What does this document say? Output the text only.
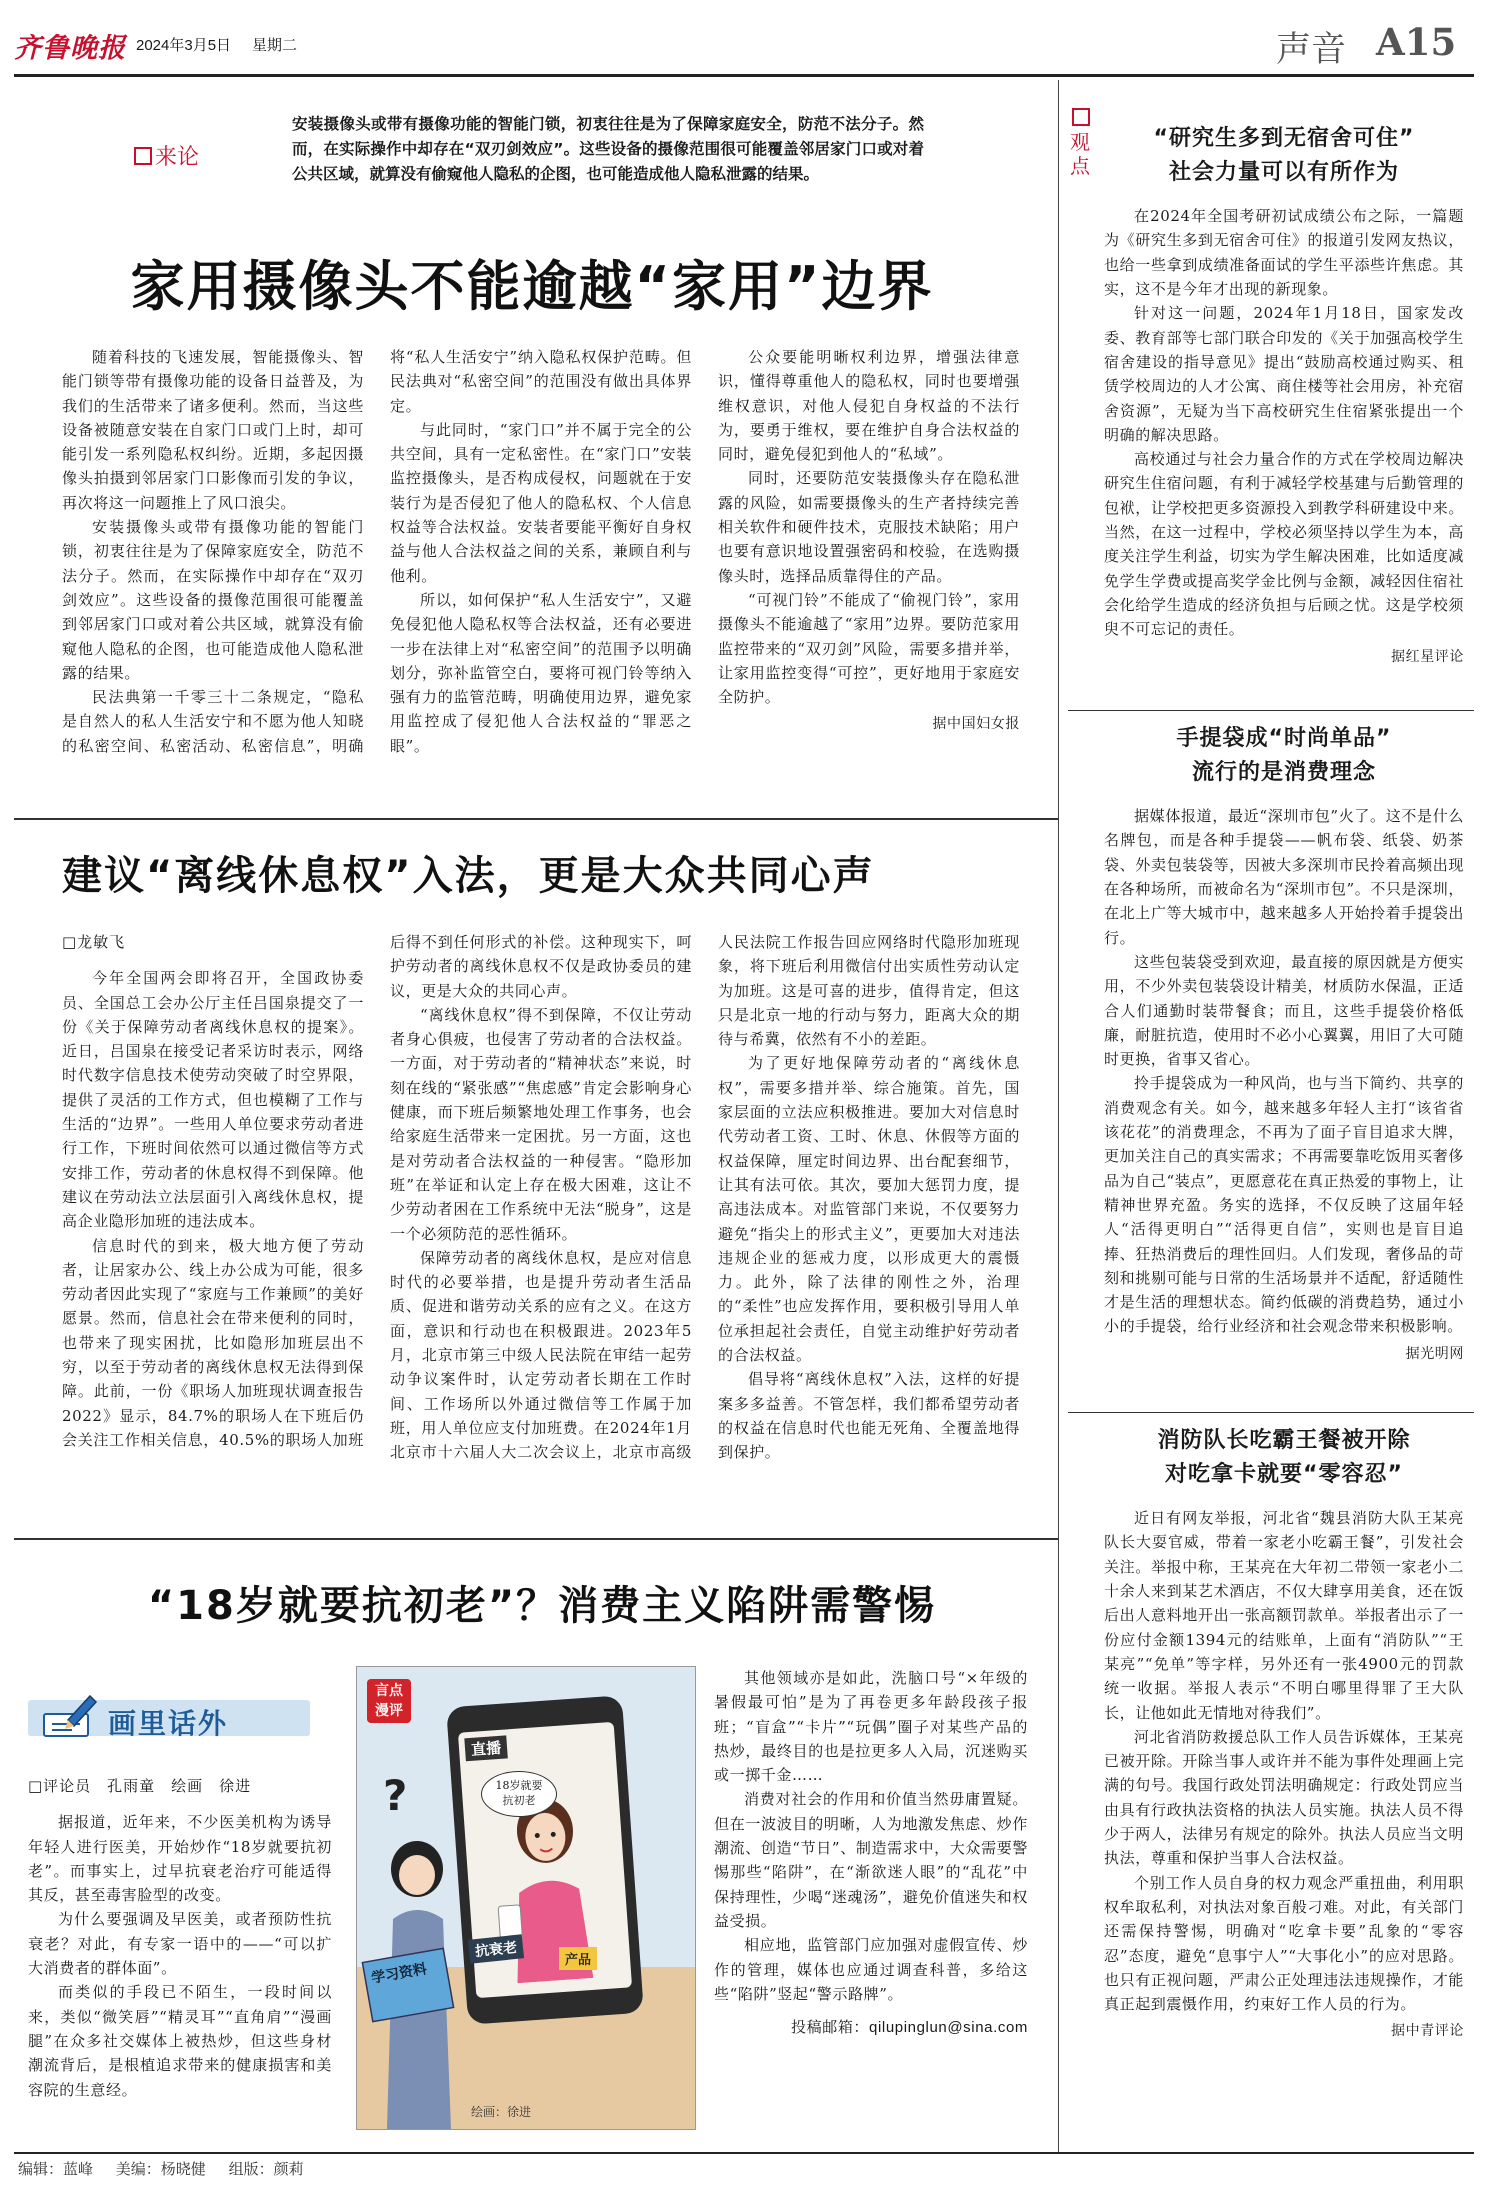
齐鲁晚报 2024年3月5日 星期二	声音 A15
来论
安装摄像头或带有摄像功能的智能门锁，初衷往往是为了保障家庭安全，防范不法分子。然而，在实际操作中却存在“双刃剑效应”。这些设备的摄像范围很可能覆盖邻居家门口或对着公共区域，就算没有偷窥他人隐私的企图，也可能造成他人隐私泄露的结果。
家用摄像头不能逾越“家用”边界

随着科技的飞速发展，智能摄像头、智能门锁等带有摄像功能的设备日益普及，为我们的生活带来了诸多便利。然而，当这些设备被随意安装在自家门口或门上时，却可能引发一系列隐私权纠纷。近期，多起因摄像头拍摄到邻居家门口影像而引发的争议，再次将这一问题推上了风口浪尖。

安装摄像头或带有摄像功能的智能门锁，初衷往往是为了保障家庭安全，防范不法分子。然而，在实际操作中却存在“双刃剑效应”。这些设备的摄像范围很可能覆盖到邻居家门口或对着公共区域，就算没有偷窥他人隐私的企图，也可能造成他人隐私泄露的结果。

民法典第一千零三十二条规定，“隐私是自然人的私人生活安宁和不愿为他人知晓的私密空间、私密活动、私密信息”，明确将“私人生活安宁”纳入隐私权保护范畴。但民法典对“私密空间”的范围没有做出具体界定。

与此同时，“家门口”并不属于完全的公共空间，具有一定私密性。在“家门口”安装监控摄像头，是否构成侵权，问题就在于安装行为是否侵犯了他人的隐私权、个人信息权益等合法权益。安装者要能平衡好自身权益与他人合法权益之间的关系，兼顾自利与他利。

所以，如何保护“私人生活安宁”，又避免侵犯他人隐私权等合法权益，还有必要进一步在法律上对“私密空间”的范围予以明确划分，弥补监管空白，要将可视门铃等纳入强有力的监管范畴，明确使用边界，避免家用监控成了侵犯他人合法权益的“罪恶之眼”。

公众要能明晰权利边界，增强法律意识，懂得尊重他人的隐私权，同时也要增强维权意识，对他人侵犯自身权益的不法行为，要勇于维权，要在维护自身合法权益的同时，避免侵犯到他人的“私域”。

同时，还要防范安装摄像头存在隐私泄露的风险，如需要摄像头的生产者持续完善相关软件和硬件技术，克服技术缺陷；用户也要有意识地设置强密码和校验，在选购摄像头时，选择品质靠得住的产品。

“可视门铃”不能成了“偷视门铃”，家用摄像头不能逾越了“家用”边界。要防范家用监控带来的“双刃剑”风险，需要多措并举，让家用监控变得“可控”，更好地用于家庭安全防护。

据中国妇女报
建议“离线休息权”入法，更是大众共同心声
□龙敏飞

今年全国两会即将召开，全国政协委员、全国总工会办公厅主任吕国泉提交了一份《关于保障劳动者离线休息权的提案》。近日，吕国泉在接受记者采访时表示，网络时代数字信息技术使劳动突破了时空界限，提供了灵活的工作方式，但也模糊了工作与生活的“边界”。一些用人单位要求劳动者进行工作，下班时间依然可以通过微信等方式安排工作，劳动者的休息权得不到保障。他建议在劳动法立法层面引入离线休息权，提高企业隐形加班的违法成本。

信息时代的到来，极大地方便了劳动者，让居家办公、线上办公成为可能，很多劳动者因此实现了“家庭与工作兼顾”的美好愿景。然而，信息社会在带来便利的同时，也带来了现实困扰，比如隐形加班层出不穷，以至于劳动者的离线休息权无法得到保障。此前，一份《职场人加班现状调查报告2022》显示，84.7%的职场人在下班后仍会关注工作相关信息，40.5%的职场人加班后得不到任何形式的补偿。这种现实下，呵护劳动者的离线休息权不仅是政协委员的建议，更是大众的共同心声。

“离线休息权”得不到保障，不仅让劳动者身心俱疲，也侵害了劳动者的合法权益。一方面，对于劳动者的“精神状态”来说，时刻在线的“紧张感”“焦虑感”肯定会影响身心健康，而下班后频繁地处理工作事务，也会给家庭生活带来一定困扰。另一方面，这也是对劳动者合法权益的一种侵害。“隐形加班”在举证和认定上存在极大困难，这让不少劳动者困在工作系统中无法“脱身”，这是一个必须防范的恶性循环。

保障劳动者的离线休息权，是应对信息时代的必要举措，也是提升劳动者生活品质、促进和谐劳动关系的应有之义。在这方面，意识和行动也在积极跟进。2023年5月，北京市第三中级人民法院在审结一起劳动争议案件时，认定劳动者长期在工作时间、工作场所以外通过微信等工作属于加班，用人单位应支付加班费。在2024年1月北京市十六届人大二次会议上，北京市高级人民法院工作报告回应网络时代隐形加班现象，将下班后利用微信付出实质性劳动认定为加班。这是可喜的进步，值得肯定，但这只是北京一地的行动与努力，距离大众的期待与希冀，依然有不小的差距。

为了更好地保障劳动者的“离线休息权”，需要多措并举、综合施策。首先，国家层面的立法应积极推进。要加大对信息时代劳动者工资、工时、休息、休假等方面的权益保障，厘定时间边界、出台配套细节，让其有法可依。其次，要加大惩罚力度，提高违法成本。对监管部门来说，不仅要努力避免“指尖上的形式主义”，更要加大对违法违规企业的惩戒力度，以形成更大的震慑力。此外，除了法律的刚性之外，治理的“柔性”也应发挥作用，要积极引导用人单位承担起社会责任，自觉主动维护好劳动者的合法权益。

倡导将“离线休息权”入法，这样的好提案多多益善。不管怎样，我们都希望劳动者的权益在信息时代也能无死角、全覆盖地得到保护。

“18岁就要抗初老”？消费主义陷阱需警惕
画里话外
□评论员　孔雨童　绘画　徐进

据报道，近年来，不少医美机构为诱导年轻人进行医美，开始炒作“18岁就要抗初老”。而事实上，过早抗衰老治疗可能适得其反，甚至毒害脸型的改变。

为什么要强调及早医美，或者预防性抗衰老？对此，有专家一语中的——“可以扩大消费者的群体面”。

而类似的手段已不陌生，一段时间以来，类似“微笑唇”“精灵耳”“直角肩”“漫画腿”在众多社交媒体上被热炒，但这些身材潮流背后，是根植追求带来的健康损害和美容院的生意经。

言点漫评
直播
18岁就要抗初老
?
抗衰老
产品
学习资料
绘画：徐进

其他领域亦是如此，洗脑口号“×年级的暑假最可怕”是为了再卷更多年龄段孩子报班；“盲盒”“卡片”“玩偶”圈子对某些产品的热炒，最终目的也是拉更多人入局，沉迷购买或一掷千金……

消费对社会的作用和价值当然毋庸置疑。但在一波波目的明晰，人为地激发焦虑、炒作潮流、创造“节日”、制造需求中，大众需要警惕那些“陷阱”，在“渐欲迷人眼”的“乱花”中保持理性，少喝“迷魂汤”，避免价值迷失和权益受损。

相应地，监管部门应加强对虚假宣传、炒作的管理，媒体也应通过调查科普，多给这些“陷阱”竖起“警示路牌”。

投稿邮箱：qilupinglun@sina.com
观点
“研究生多到无宿舍可住”
社会力量可以有所作为

在2024年全国考研初试成绩公布之际，一篇题为《研究生多到无宿舍可住》的报道引发网友热议，也给一些拿到成绩准备面试的学生平添些许焦虑。其实，这不是今年才出现的新现象。

针对这一问题，2024年1月18日，国家发改委、教育部等七部门联合印发的《关于加强高校学生宿舍建设的指导意见》提出“鼓励高校通过购买、租赁学校周边的人才公寓、商住楼等社会用房，补充宿舍资源”，无疑为当下高校研究生住宿紧张提出一个明确的解决思路。

高校通过与社会力量合作的方式在学校周边解决研究生住宿问题，有利于减轻学校基建与后勤管理的包袱，让学校把更多资源投入到教学科研建设中来。当然，在这一过程中，学校必须坚持以学生为本，高度关注学生利益，切实为学生解决困难，比如适度减免学生学费或提高奖学金比例与金额，减轻因住宿社会化给学生造成的经济负担与后顾之忧。这是学校须臾不可忘记的责任。

据红星评论
手提袋成“时尚单品”
流行的是消费理念

据媒体报道，最近“深圳市包”火了。这不是什么名牌包，而是各种手提袋——帆布袋、纸袋、奶茶袋、外卖包装袋等，因被大多深圳市民拎着高频出现在各种场所，而被命名为“深圳市包”。不只是深圳，在北上广等大城市中，越来越多人开始拎着手提袋出行。

这些包装袋受到欢迎，最直接的原因就是方便实用，不少外卖包装袋设计精美，材质防水保温，正适合人们通勤时装带餐食；而且，这些手提袋价格低廉，耐脏抗造，使用时不必小心翼翼，用旧了大可随时更换，省事又省心。

拎手提袋成为一种风尚，也与当下简约、共享的消费观念有关。如今，越来越多年轻人主打“该省省该花花”的消费理念，不再为了面子盲目追求大牌，更加关注自己的真实需求；不再需要靠吃饭用买奢侈品为自己“装点”，更愿意花在真正热爱的事物上，让精神世界充盈。务实的选择，不仅反映了这届年轻人“活得更明白”“活得更自信”，实则也是盲目追捧、狂热消费后的理性回归。人们发现，奢侈品的苛刻和挑剔可能与日常的生活场景并不适配，舒适随性才是生活的理想状态。简约低碳的消费趋势，通过小小的手提袋，给行业经济和社会观念带来积极影响。

据光明网
消防队长吃霸王餐被开除
对吃拿卡就要“零容忍”

近日有网友举报，河北省“魏县消防大队王某亮队长大耍官威，带着一家老小吃霸王餐”，引发社会关注。举报中称，王某亮在大年初二带领一家老小二十余人来到某艺术酒店，不仅大肆享用美食，还在饭后出人意料地开出一张高额罚款单。举报者出示了一份应付金额1394元的结账单，上面有“消防队”“王某亮”“免单”等字样，另外还有一张4900元的罚款统一收据。举报人表示“不明白哪里得罪了王大队长，让他如此无情地对待我们”。

河北省消防救援总队工作人员告诉媒体，王某亮已被开除。开除当事人或许并不能为事件处理画上完满的句号。我国行政处罚法明确规定：行政处罚应当由具有行政执法资格的执法人员实施。执法人员不得少于两人，法律另有规定的除外。执法人员应当文明执法，尊重和保护当事人合法权益。

个别工作人员自身的权力观念严重扭曲，利用职权牟取私利，对执法对象百般刁难。对此，有关部门还需保持警惕，明确对“吃拿卡要”乱象的“零容忍”态度，避免“息事宁人”“大事化小”的应对思路。也只有正视问题，严肃公正处理违法违规操作，才能真正起到震慑作用，约束好工作人员的行为。

据中青评论
编辑：蓝峰 美编：杨晓健 组版：颜莉
